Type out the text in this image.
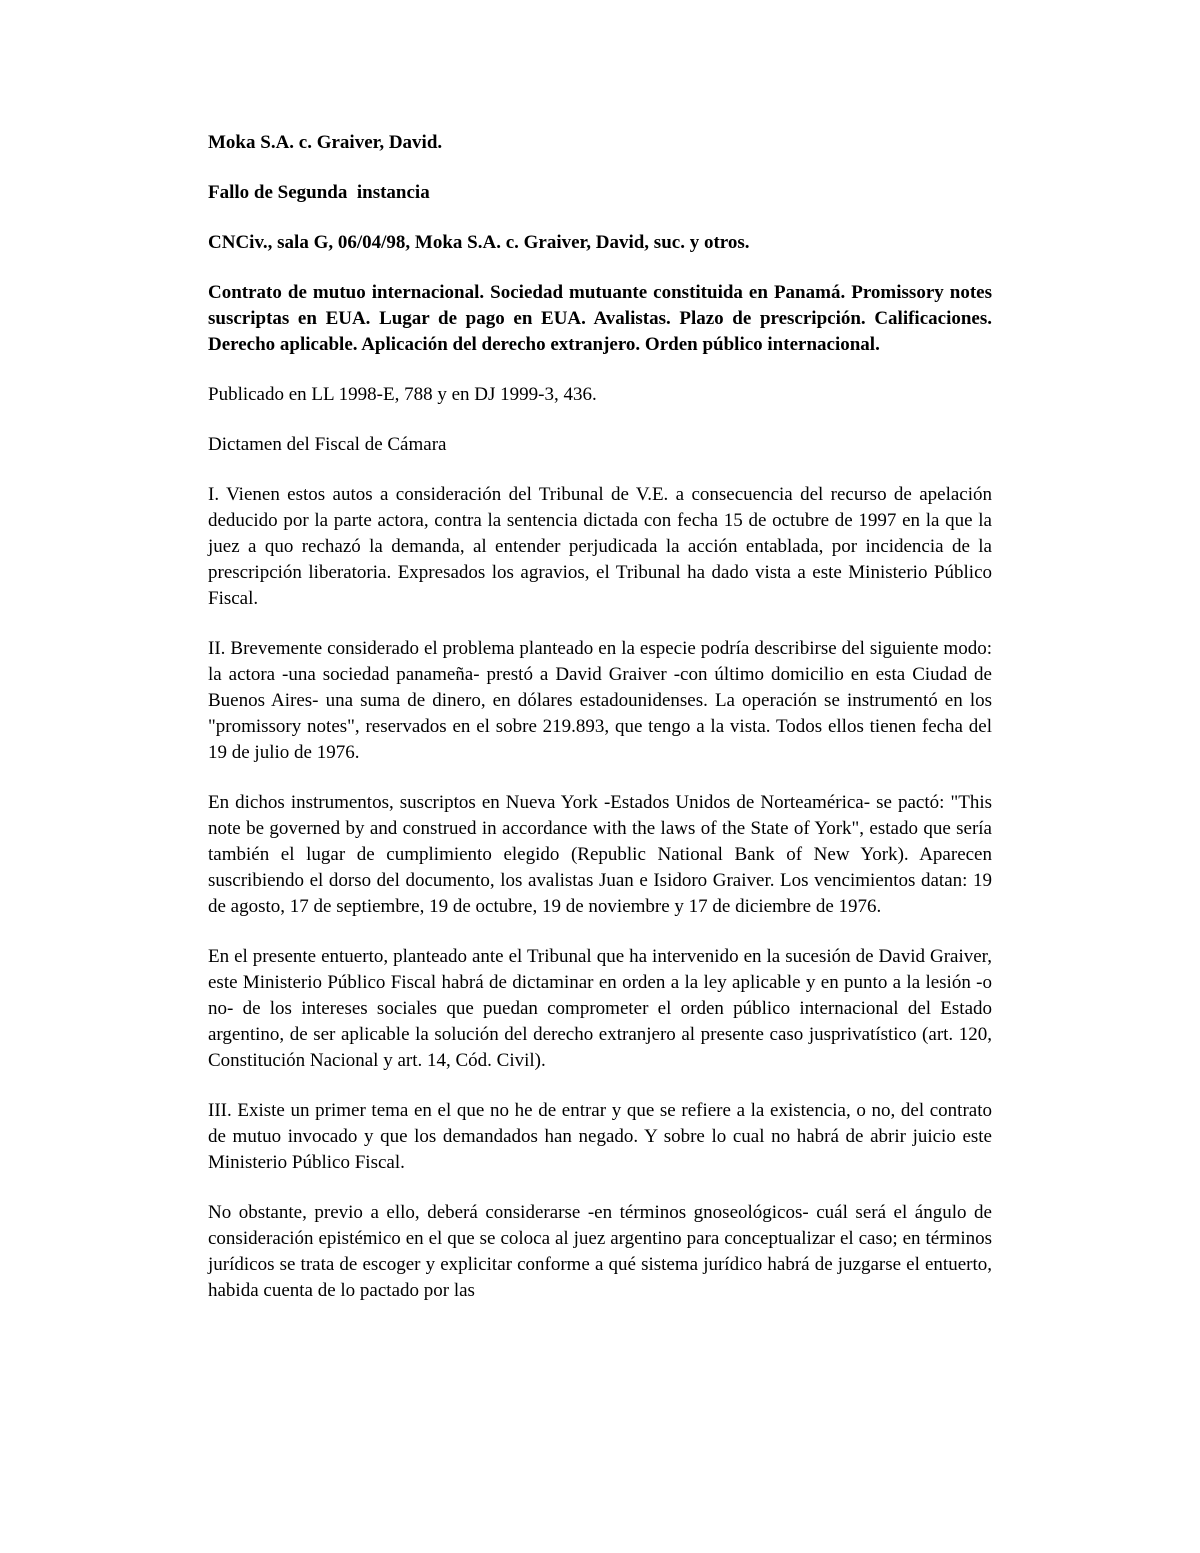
Moka S.A. c. Graiver, David.

Fallo de Segunda  instancia

CNCiv., sala G, 06/04/98, Moka S.A. c. Graiver, David, suc. y otros.

Contrato de mutuo internacional. Sociedad mutuante constituida en Panamá. Promissory notes suscriptas en EUA. Lugar de pago en EUA. Avalistas. Plazo de prescripción. Calificaciones. Derecho aplicable. Aplicación del derecho extranjero. Orden público internacional.

Publicado en LL 1998-E, 788 y en DJ 1999-3, 436.

Dictamen del Fiscal de Cámara

I. Vienen estos autos a consideración del Tribunal de V.E. a consecuencia del recurso de apelación deducido por la parte actora, contra la sentencia dictada con fecha 15 de octubre de 1997 en la que la juez a quo rechazó la demanda, al entender perjudicada la acción entablada, por incidencia de la prescripción liberatoria. Expresados los agravios, el Tribunal ha dado vista a este Ministerio Público Fiscal.

II. Brevemente considerado el problema planteado en la especie podría describirse del siguiente modo: la actora -una sociedad panameña- prestó a David Graiver -con último domicilio en esta Ciudad de Buenos Aires- una suma de dinero, en dólares estadounidenses. La operación se instrumentó en los "promissory notes", reservados en el sobre 219.893, que tengo a la vista. Todos ellos tienen fecha del 19 de julio de 1976.

En dichos instrumentos, suscriptos en Nueva York -Estados Unidos de Norteamérica- se pactó: "This note be governed by and construed in accordance with the laws of the State of York", estado que sería también el lugar de cumplimiento elegido (Republic National Bank of New York). Aparecen suscribiendo el dorso del documento, los avalistas Juan e Isidoro Graiver. Los vencimientos datan: 19 de agosto, 17 de septiembre, 19 de octubre, 19 de noviembre y 17 de diciembre de 1976.

En el presente entuerto, planteado ante el Tribunal que ha intervenido en la sucesión de David Graiver, este Ministerio Público Fiscal habrá de dictaminar en orden a la ley aplicable y en punto a la lesión -o no- de los intereses sociales que puedan comprometer el orden público internacional del Estado argentino, de ser aplicable la solución del derecho extranjero al presente caso jusprivatístico (art. 120, Constitución Nacional y art. 14, Cód. Civil).

III. Existe un primer tema en el que no he de entrar y que se refiere a la existencia, o no, del contrato de mutuo invocado y que los demandados han negado. Y sobre lo cual no habrá de abrir juicio este Ministerio Público Fiscal.

No obstante, previo a ello, deberá considerarse -en términos gnoseológicos- cuál será el ángulo de consideración epistémico en el que se coloca al juez argentino para conceptualizar el caso; en términos jurídicos se trata de escoger y explicitar conforme a qué sistema jurídico habrá de juzgarse el entuerto, habida cuenta de lo pactado por las
